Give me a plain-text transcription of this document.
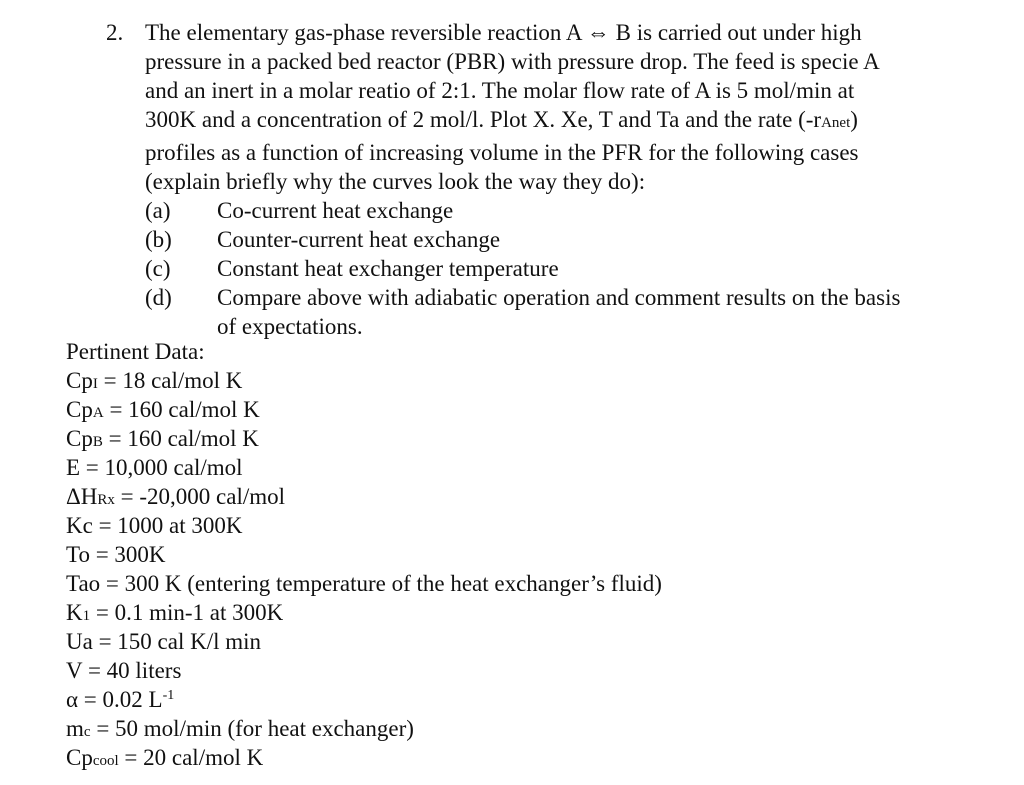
2. The elementary gas-phase reversible reaction A ⇔ B is carried out under high
pressure in a packed bed reactor (PBR) with pressure drop. The feed is specie A
and an inert in a molar reatio of 2:1. The molar flow rate of A is 5 mol/min at
300K and a concentration of 2 mol/l. Plot X. Xe, T and Ta and the rate (-rAnet)
profiles as a function of increasing volume in the PFR for the following cases
(explain briefly why the curves look the way they do):
(a)	Co-current heat exchange
(b)	Counter-current heat exchange
(c)	Constant heat exchanger temperature
(d)	Compare above with adiabatic operation and comment results on the basis
of expectations.
Pertinent Data:
CpI = 18 cal/mol K
CpA = 160 cal/mol K
CpB = 160 cal/mol K
E = 10,000 cal/mol
ΔHRx = -20,000 cal/mol
Kc = 1000 at 300K
To = 300K
Tao = 300 K (entering temperature of the heat exchanger’s fluid)
K1 = 0.1 min-1 at 300K
Ua = 150 cal K/l min
V = 40 liters
α = 0.02 $L^{-1}$
mc = 50 mol/min (for heat exchanger)
Cpcool = 20 cal/mol K
